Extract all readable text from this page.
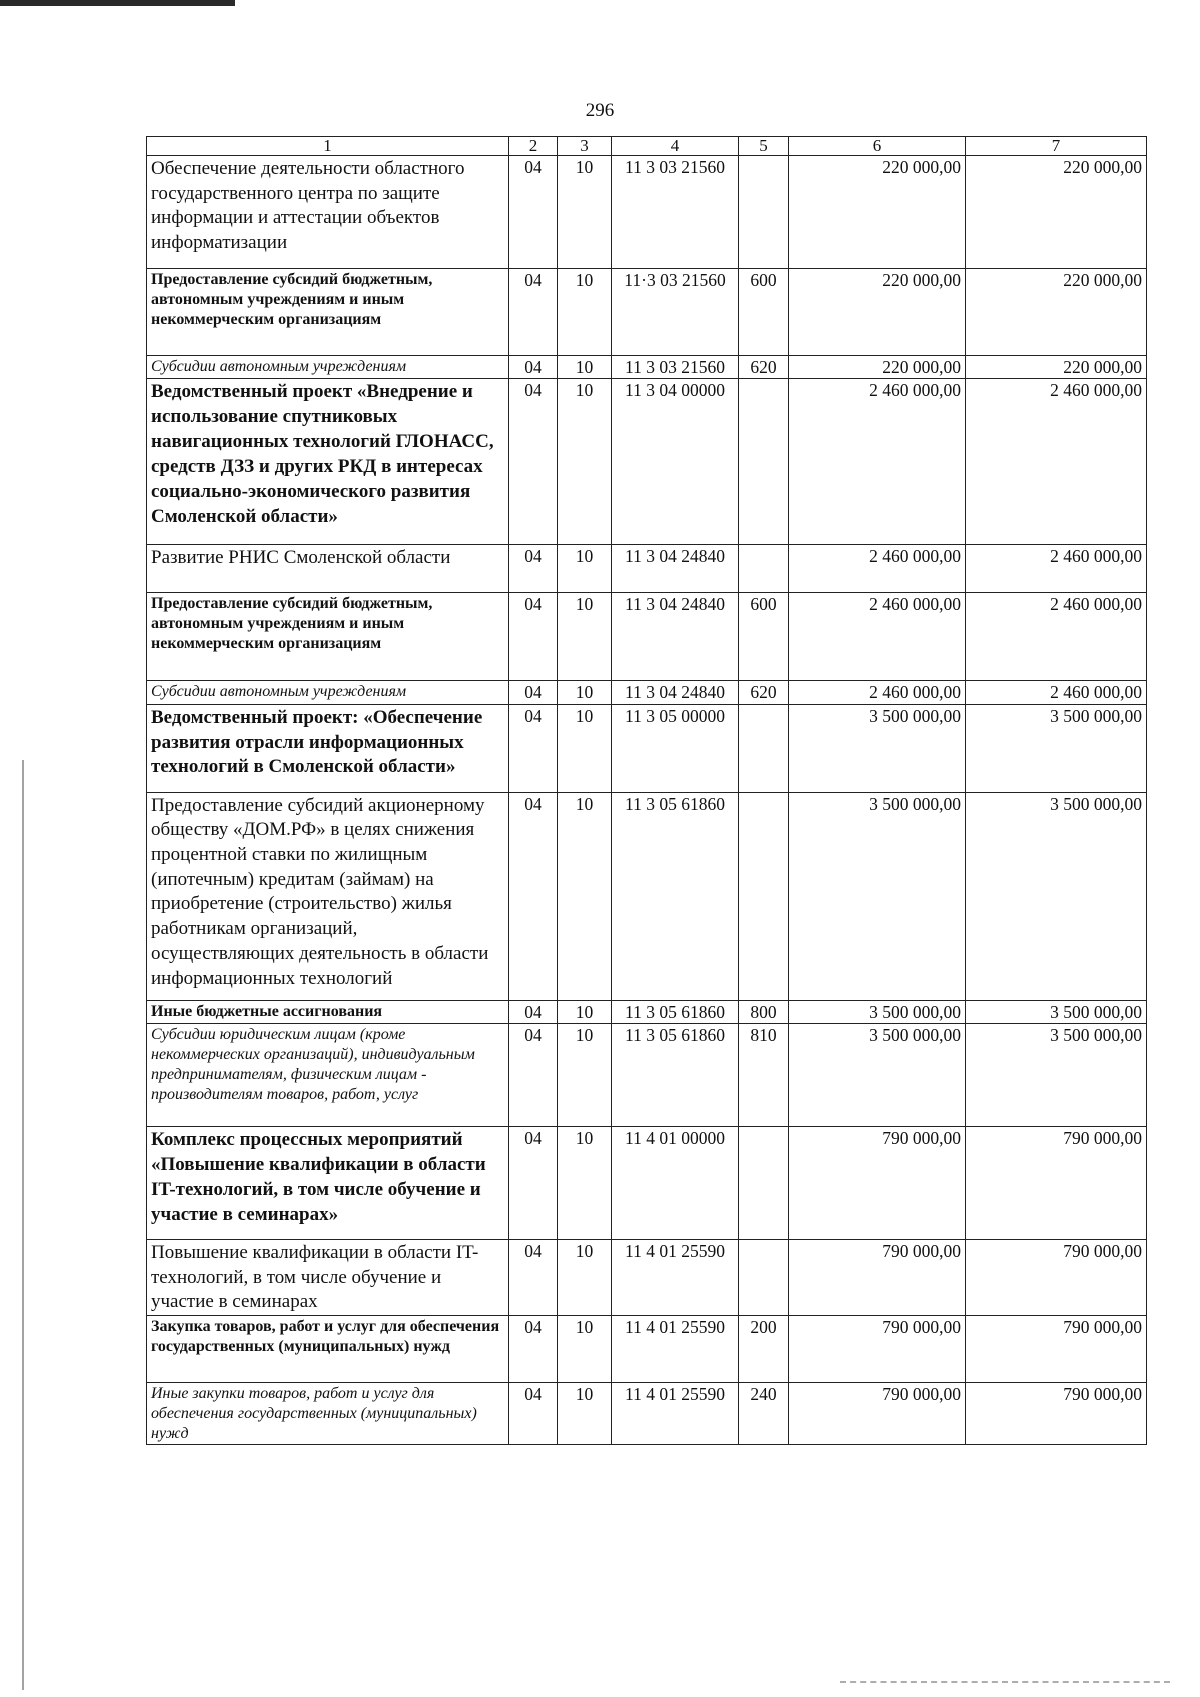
296
1	2	3	4	5	6	7
Обеспечение деятельности областного государственного центра по защите информации и аттестации объектов информатизации	04	10	11 3 03 21560		220 000,00	220 000,00
Предоставление субсидий бюджетным, автономным учреждениям и иным некоммерческим организациям	04	10	11·3 03 21560	600	220 000,00	220 000,00
Субсидии автономным учреждениям	04	10	11 3 03 21560	620	220 000,00	220 000,00
Ведомственный проект «Внедрение и использование спутниковых навигационных технологий ГЛОНАСС, средств ДЗЗ и других РКД в интересах социально-экономического развития Смоленской области»	04	10	11 3 04 00000		2 460 000,00	2 460 000,00
Развитие РНИС Смоленской области	04	10	11 3 04 24840		2 460 000,00	2 460 000,00
Предоставление субсидий бюджетным, автономным учреждениям и иным некоммерческим организациям	04	10	11 3 04 24840	600	2 460 000,00	2 460 000,00
Субсидии автономным учреждениям	04	10	11 3 04 24840	620	2 460 000,00	2 460 000,00
Ведомственный проект: «Обеспечение развития отрасли информационных технологий в Смоленской области»	04	10	11 3 05 00000		3 500 000,00	3 500 000,00
Предоставление субсидий акционерному обществу «ДОМ.РФ» в целях снижения процентной ставки по жилищным (ипотечным) кредитам (займам) на приобретение (строительство) жилья работникам организаций, осуществляющих деятельность в области информационных технологий	04	10	11 3 05 61860		3 500 000,00	3 500 000,00
Иные бюджетные ассигнования	04	10	11 3 05 61860	800	3 500 000,00	3 500 000,00
Субсидии юридическим лицам (кроме некоммерческих организаций), индивидуальным предпринимателям, физическим лицам - производителям товаров, работ, услуг	04	10	11 3 05 61860	810	3 500 000,00	3 500 000,00
Комплекс процессных мероприятий «Повышение квалификации в области IT-технологий, в том числе обучение и участие в семинарах»	04	10	11 4 01 00000		790 000,00	790 000,00
Повышение квалификации в области IT-технологий, в том числе обучение и участие в семинарах	04	10	11 4 01 25590		790 000,00	790 000,00
Закупка товаров, работ и услуг для обеспечения государственных (муниципальных) нужд	04	10	11 4 01 25590	200	790 000,00	790 000,00
Иные закупки товаров, работ и услуг для обеспечения государственных (муниципальных) нужд	04	10	11 4 01 25590	240	790 000,00	790 000,00
